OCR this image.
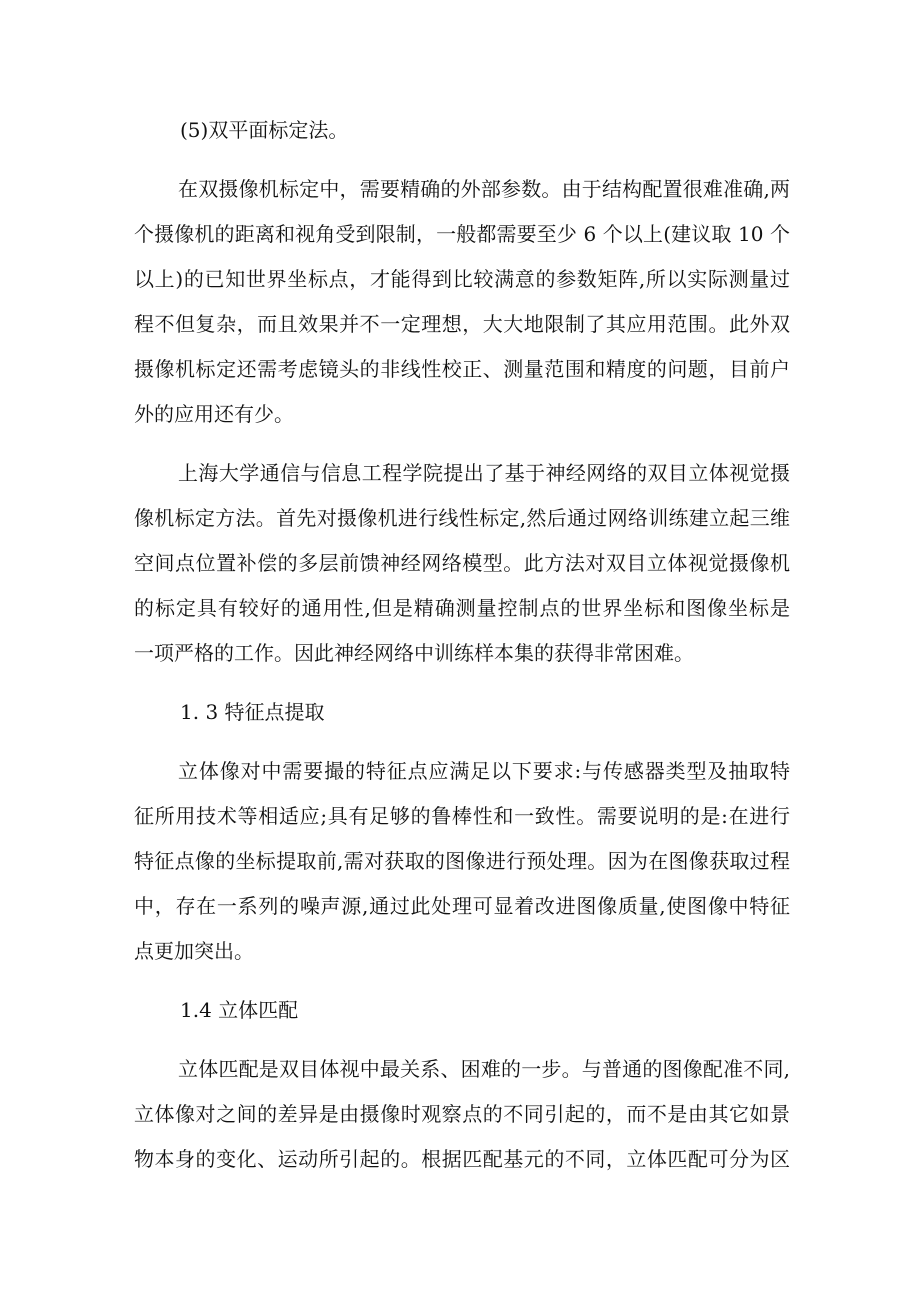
(5)双平面标定法。
在双摄像机标定中，需要精确的外部参数。由于结构配置很难准确,两
个摄像机的距离和视角受到限制，一般都需要至少 6 个以上(建议取 10 个
以上)的已知世界坐标点，才能得到比较满意的参数矩阵,所以实际测量过
程不但复杂，而且效果并不一定理想，大大地限制了其应用范围。此外双
摄像机标定还需考虑镜头的非线性校正、测量范围和精度的问题，目前户
外的应用还有少。
上海大学通信与信息工程学院提出了基于神经网络的双目立体视觉摄
像机标定方法。首先对摄像机进行线性标定,然后通过网络训练建立起三维
空间点位置补偿的多层前馈神经网络模型。此方法对双目立体视觉摄像机
的标定具有较好的通用性,但是精确测量控制点的世界坐标和图像坐标是
一项严格的工作。因此神经网络中训练样本集的获得非常困难。
1. 3 特征点提取
立体像对中需要撮的特征点应满足以下要求:与传感器类型及抽取特
征所用技术等相适应;具有足够的鲁棒性和一致性。需要说明的是:在进行
特征点像的坐标提取前,需对获取的图像进行预处理。因为在图像获取过程
中，存在一系列的噪声源,通过此处理可显着改进图像质量,使图像中特征
点更加突出。
1.4 立体匹配
立体匹配是双目体视中最关系、困难的一步。与普通的图像配准不同,
立体像对之间的差异是由摄像时观察点的不同引起的，而不是由其它如景
物本身的变化、运动所引起的。根据匹配基元的不同，立体匹配可分为区
